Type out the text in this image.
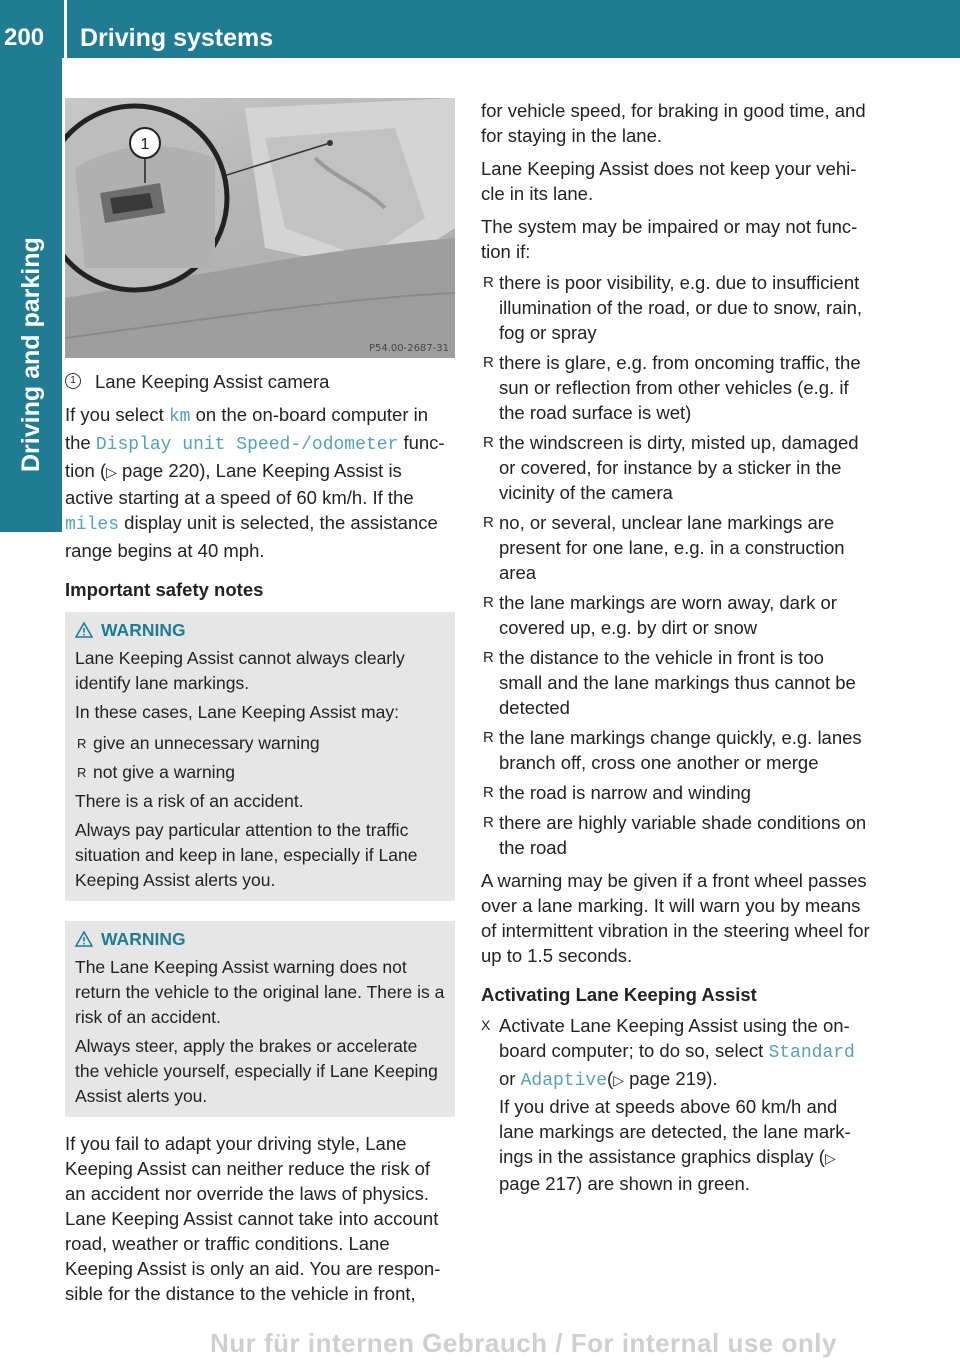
200	Driving systems
Driving and parking
1
P54.00-2687-31
1 Lane Keeping Assist camera

If you select km on the on-board computer in the Display unit Speed-/odometer function (▷ page 220), Lane Keeping Assist is active starting at a speed of 60 km/h. If the miles display unit is selected, the assistance range begins at 40 mph.

Important safety notes
WARNING

Lane Keeping Assist cannot always clearly identify lane markings.

In these cases, Lane Keeping Assist may:

R give an unnecessary warning
R not give a warning

There is a risk of an accident.

Always pay particular attention to the traffic situation and keep in lane, especially if Lane Keeping Assist alerts you.

WARNING

The Lane Keeping Assist warning does not return the vehicle to the original lane. There is a risk of an accident.

Always steer, apply the brakes or accelerate the vehicle yourself, especially if Lane Keeping Assist alerts you.

If you fail to adapt your driving style, Lane Keeping Assist can neither reduce the risk of an accident nor override the laws of physics. Lane Keeping Assist cannot take into account road, weather or traffic conditions. Lane Keeping Assist is only an aid. You are responsible for the distance to the vehicle in front,

for vehicle speed, for braking in good time, and for staying in the lane.

Lane Keeping Assist does not keep your vehicle in its lane.

The system may be impaired or may not function if:

R there is poor visibility, e.g. due to insufficient illumination of the road, or due to snow, rain, fog or spray
R there is glare, e.g. from oncoming traffic, the sun or reflection from other vehicles (e.g. if the road surface is wet)
R the windscreen is dirty, misted up, damaged or covered, for instance by a sticker in the vicinity of the camera
R no, or several, unclear lane markings are present for one lane, e.g. in a construction area
R the lane markings are worn away, dark or covered up, e.g. by dirt or snow
R the distance to the vehicle in front is too small and the lane markings thus cannot be detected
R the lane markings change quickly, e.g. lanes branch off, cross one another or merge
R the road is narrow and winding
R there are highly variable shade conditions on the road

A warning may be given if a front wheel passes over a lane marking. It will warn you by means of intermittent vibration in the steering wheel for up to 1.5 seconds.

Activating Lane Keeping Assist
X Activate Lane Keeping Assist using the on-board computer; to do so, select Standard or Adaptive(▷ page 219).
If you drive at speeds above 60 km/h and lane markings are detected, the lane markings in the assistance graphics display (▷ page 217) are shown in green.
Nur für internen Gebrauch / For internal use only
